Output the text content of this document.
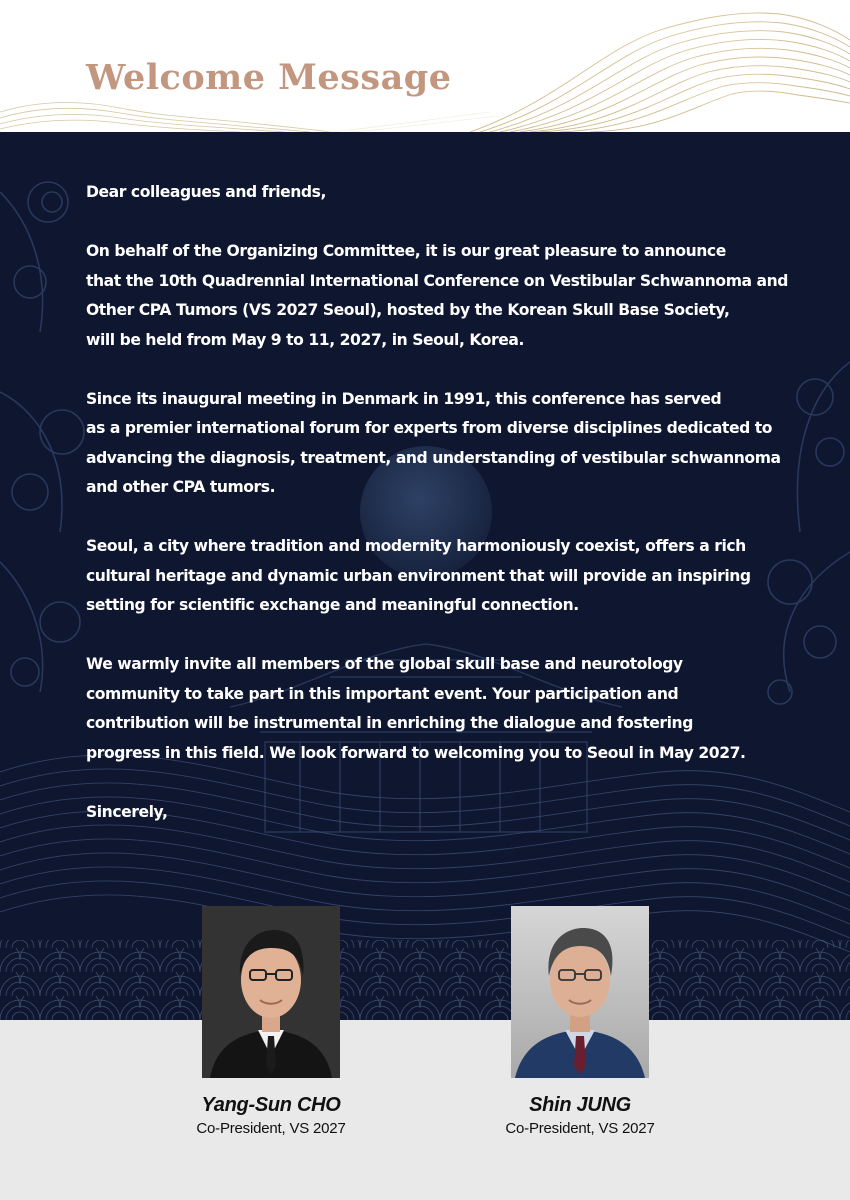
Welcome Message

Dear colleagues and friends,

On behalf of the Organizing Committee, it is our great pleasure to announce
that the 10th Quadrennial International Conference on Vestibular Schwannoma and
Other CPA Tumors (VS 2027 Seoul), hosted by the Korean Skull Base Society,
will be held from May 9 to 11, 2027, in Seoul, Korea.

Since its inaugural meeting in Denmark in 1991, this conference has served
as a premier international forum for experts from diverse disciplines dedicated to
advancing the diagnosis, treatment, and understanding of vestibular schwannoma
and other CPA tumors.

Seoul, a city where tradition and modernity harmoniously coexist, offers a rich
cultural heritage and dynamic urban environment that will provide an inspiring
setting for scientific exchange and meaningful connection.

We warmly invite all members of the global skull base and neurotology
community to take part in this important event. Your participation and
contribution will be instrumental in enriching the dialogue and fostering
progress in this field. We look forward to welcoming you to Seoul in May 2027.

Sincerely,

Yang-Sun CHO
Co-President, VS 2027
Shin JUNG
Co-President, VS 2027
